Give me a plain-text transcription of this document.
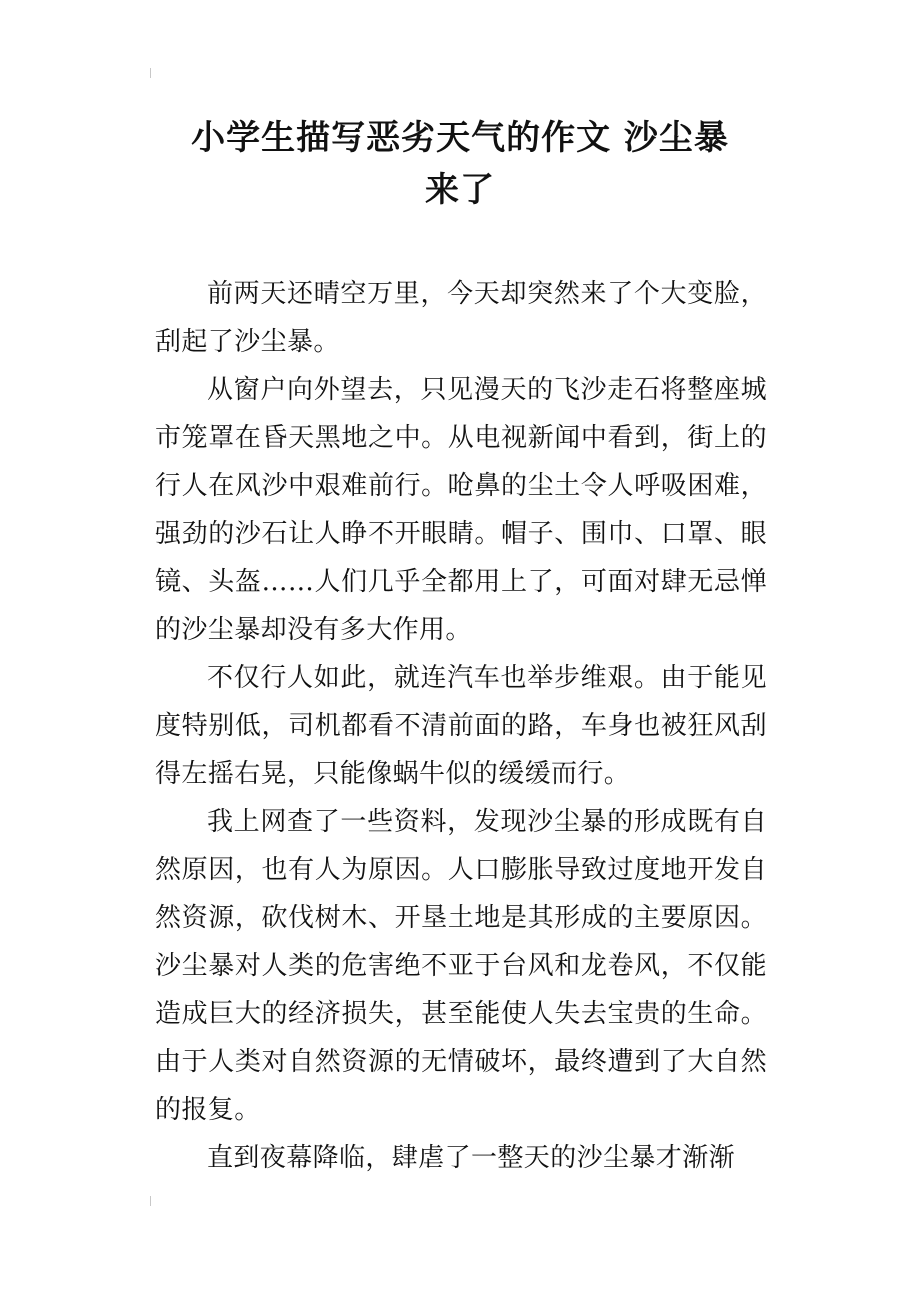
小学生描写恶劣天气的作文 沙尘暴
来了

前两天还晴空万里，今天却突然来了个大变脸，刮起了沙尘暴。

从窗户向外望去，只见漫天的飞沙走石将整座城市笼罩在昏天黑地之中。从电视新闻中看到，街上的行人在风沙中艰难前行。呛鼻的尘土令人呼吸困难，强劲的沙石让人睁不开眼睛。帽子、围巾、口罩、眼镜、头盔……人们几乎全都用上了，可面对肆无忌惮的沙尘暴却没有多大作用。

不仅行人如此，就连汽车也举步维艰。由于能见度特别低，司机都看不清前面的路，车身也被狂风刮得左摇右晃，只能像蜗牛似的缓缓而行。

我上网查了一些资料，发现沙尘暴的形成既有自然原因，也有人为原因。人口膨胀导致过度地开发自然资源，砍伐树木、开垦土地是其形成的主要原因。沙尘暴对人类的危害绝不亚于台风和龙卷风，不仅能造成巨大的经济损失，甚至能使人失去宝贵的生命。由于人类对自然资源的无情破坏，最终遭到了大自然的报复。

直到夜幕降临，肆虐了一整天的沙尘暴才渐渐
